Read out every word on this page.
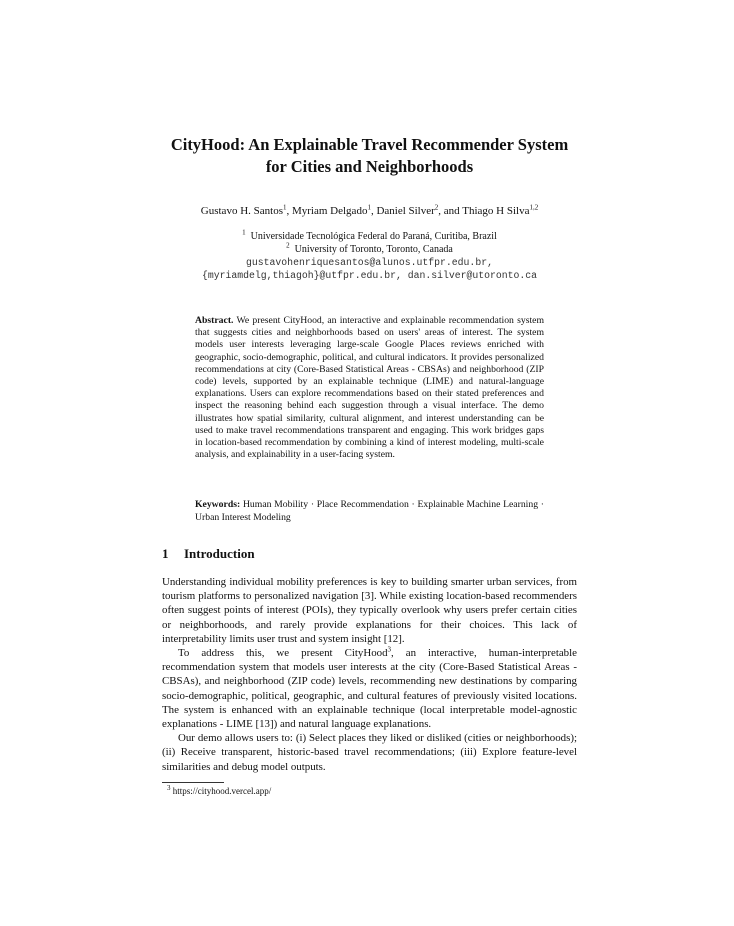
CityHood: An Explainable Travel Recommender System
for Cities and Neighborhoods
Gustavo H. Santos$^1$, Myriam Delgado$^1$, Daniel Silver$^2$, and Thiago H Silva$^{1,2}$
$^1$ Universidade Tecnológica Federal do Paraná, Curitiba, Brazil
$^2$ University of Toronto, Toronto, Canada
gustavohenriquesantos@alunos.utfpr.edu.br,
{myriamdelg,thiagoh}@utfpr.edu.br, dan.silver@utoronto.ca
Abstract. We present CityHood, an interactive and explainable recommendation system that suggests cities and neighborhoods based on users' areas of interest. The system models user interests leveraging large-scale Google Places reviews enriched with geographic, socio-demographic, political, and cultural indicators. It provides personalized recommendations at city (Core-Based Statistical Areas - CBSAs) and neighborhood (ZIP code) levels, supported by an explainable technique (LIME) and natural-language explanations. Users can explore recommendations based on their stated preferences and inspect the reasoning behind each suggestion through a visual interface. The demo illustrates how spatial similarity, cultural alignment, and interest understanding can be used to make travel recommendations transparent and engaging. This work bridges gaps in location-based recommendation by combining a kind of interest modeling, multi-scale analysis, and explainability in a user-facing system.
Keywords: Human Mobility · Place Recommendation · Explainable Machine Learning · Urban Interest Modeling
1 Introduction

Understanding individual mobility preferences is key to building smarter urban services, from tourism platforms to personalized navigation [3]. While existing location-based recommenders often suggest points of interest (POIs), they typically overlook why users prefer certain cities or neighborhoods, and rarely provide explanations for their choices. This lack of interpretability limits user trust and system insight [12].

To address this, we present CityHood$^3$, an interactive, human-interpretable recommendation system that models user interests at the city (Core-Based Statistical Areas - CBSAs), and neighborhood (ZIP code) levels, recommending new destinations by comparing socio-demographic, political, geographic, and cultural features of previously visited locations. The system is enhanced with an explainable technique (local interpretable model-agnostic explanations - LIME [13]) and natural language explanations.

Our demo allows users to: (i) Select places they liked or disliked (cities or neighborhoods); (ii) Receive transparent, historic-based travel recommendations; (iii) Explore feature-level similarities and debug model outputs.

$^3$ https://cityhood.vercel.app/
